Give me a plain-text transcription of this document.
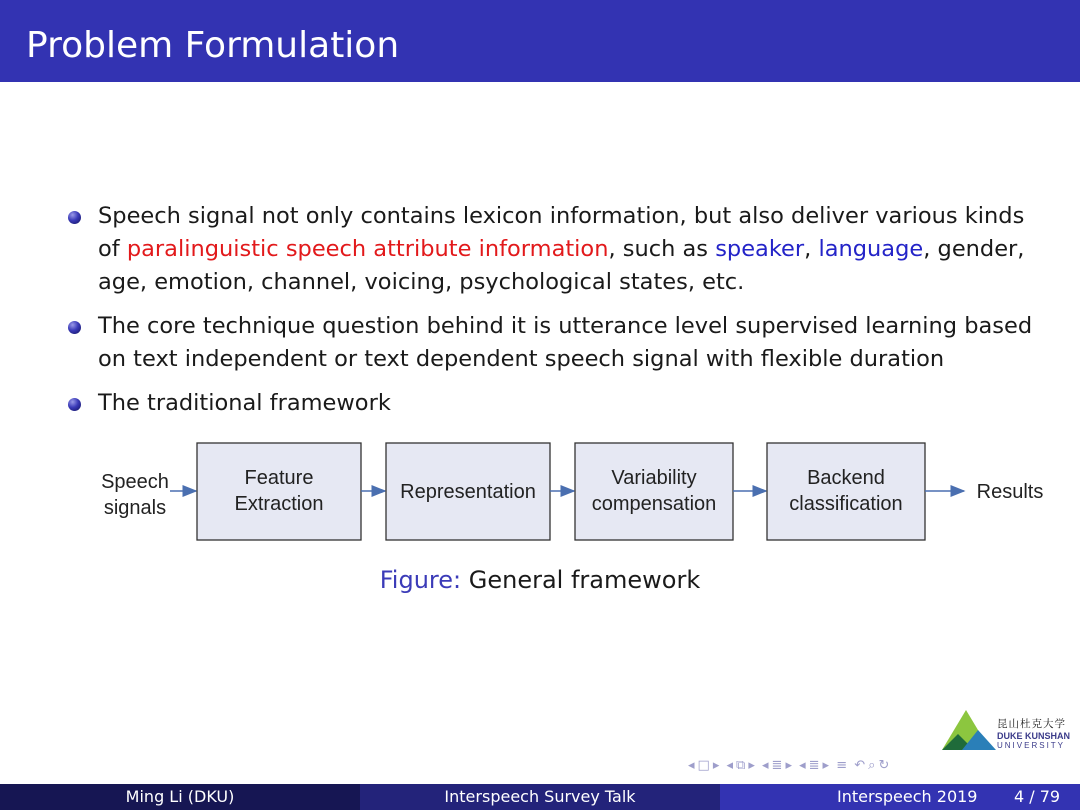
Problem Formulation
Speech signal not only contains lexicon information, but also deliver various kinds of paralinguistic speech attribute information, such as speaker, language, gender, age, emotion, channel, voicing, psychological states, etc.
The core technique question behind it is utterance level supervised learning based on text independent or text dependent speech signal with flexible duration
The traditional framework
Speech
signals
Feature
Extraction
Representation
Variability
compensation
Backend
classification
Results
Figure: General framework
昆山杜克大学
DUKE KUNSHAN
UNIVERSITY
◂ □ ▸ ◂ ⧉ ▸ ◂ ≣ ▸ ◂ ≣ ▸ ≡ ↶ ⌕ ↻
Ming Li (DKU)	Interspeech Survey Talk	Interspeech 2019 4 / 79
